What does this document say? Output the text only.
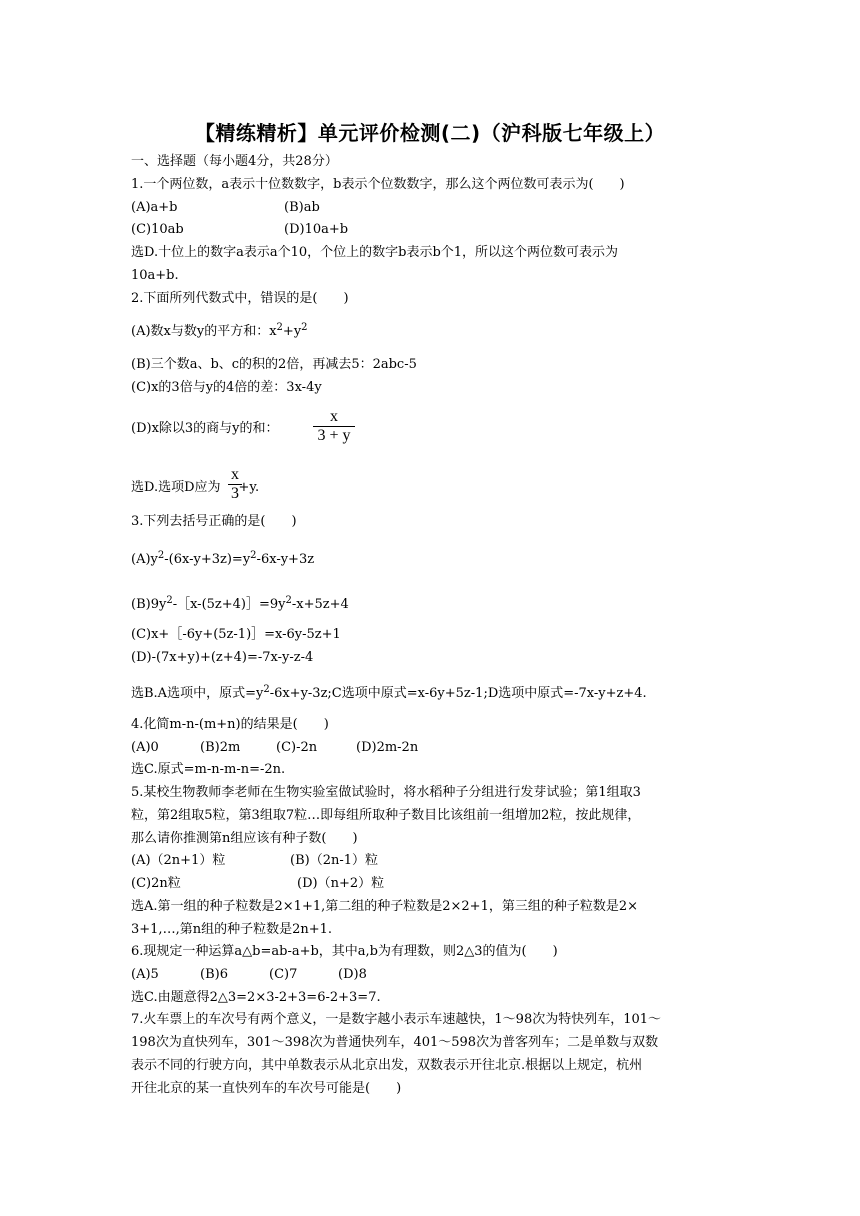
【精练精析】单元评价检测(二)（沪科版七年级上）
一、选择题（每小题4分，共28分）
1.一个两位数，a表示十位数数字，b表示个位数数字，那么这个两位数可表示为(　　)
(A)a+b	(B)ab
(C)10ab	(D)10a+b
选D.十位上的数字a表示a个10，个位上的数字b表示b个1，所以这个两位数可表示为
10a+b.
2.下面所列代数式中，错误的是(　　)
(A)数x与数y的平方和：$x^2+y^2$
(B)三个数a、b、c的积的2倍，再减去5：2abc-5
(C)x的3倍与y的4倍的差：3x-4y
(D)x除以3的商与y的和：
x
3 + y
选D.选项D应为 +y.
x
3
3.下列去括号正确的是(　　)
$(A)y^2-(6x-y+3z)=y^2-6x-y+3z$
$(B)9y^2-[x-(5z+4)]=9y^2-x+5z+4$
(C)x+［-6y+(5z-1)］=x-6y-5z+1
(D)-(7x+y)+(z+4)=-7x-y-z-4
选B.A选项中，原式$=y^2-6x+y-3z;C$选项中原式=x-6y+5z-1;D选项中原式=-7x-y+z+4.
4.化简m-n-(m+n)的结果是(　　)
(A)0	(B)2m	(C)-2n	(D)2m-2n
选C.原式=m-n-m-n=-2n.
5.某校生物教师李老师在生物实验室做试验时，将水稻种子分组进行发芽试验；第1组取3
粒，第2组取5粒，第3组取7粒…即每组所取种子数目比该组前一组增加2粒，按此规律，
那么请你推测第n组应该有种子数(　　)
(A)（2n+1）粒	(B)（2n-1）粒
(C)2n粒	(D)（n+2）粒
选A.第一组的种子粒数是2×1+1,第二组的种子粒数是2×2+1，第三组的种子粒数是2×
3+1,…,第n组的种子粒数是2n+1.
6.现规定一种运算a△b=ab-a+b，其中a,b为有理数，则2△3的值为(　　)
(A)5	(B)6	(C)7	(D)8
选C.由题意得2△3=2×3-2+3=6-2+3=7.
7.火车票上的车次号有两个意义，一是数字越小表示车速越快，1～98次为特快列车，101～
198次为直快列车，301～398次为普通快列车，401～598次为普客列车；二是单数与双数
表示不同的行驶方向，其中单数表示从北京出发，双数表示开往北京.根据以上规定，杭州
开往北京的某一直快列车的车次号可能是(　　)
